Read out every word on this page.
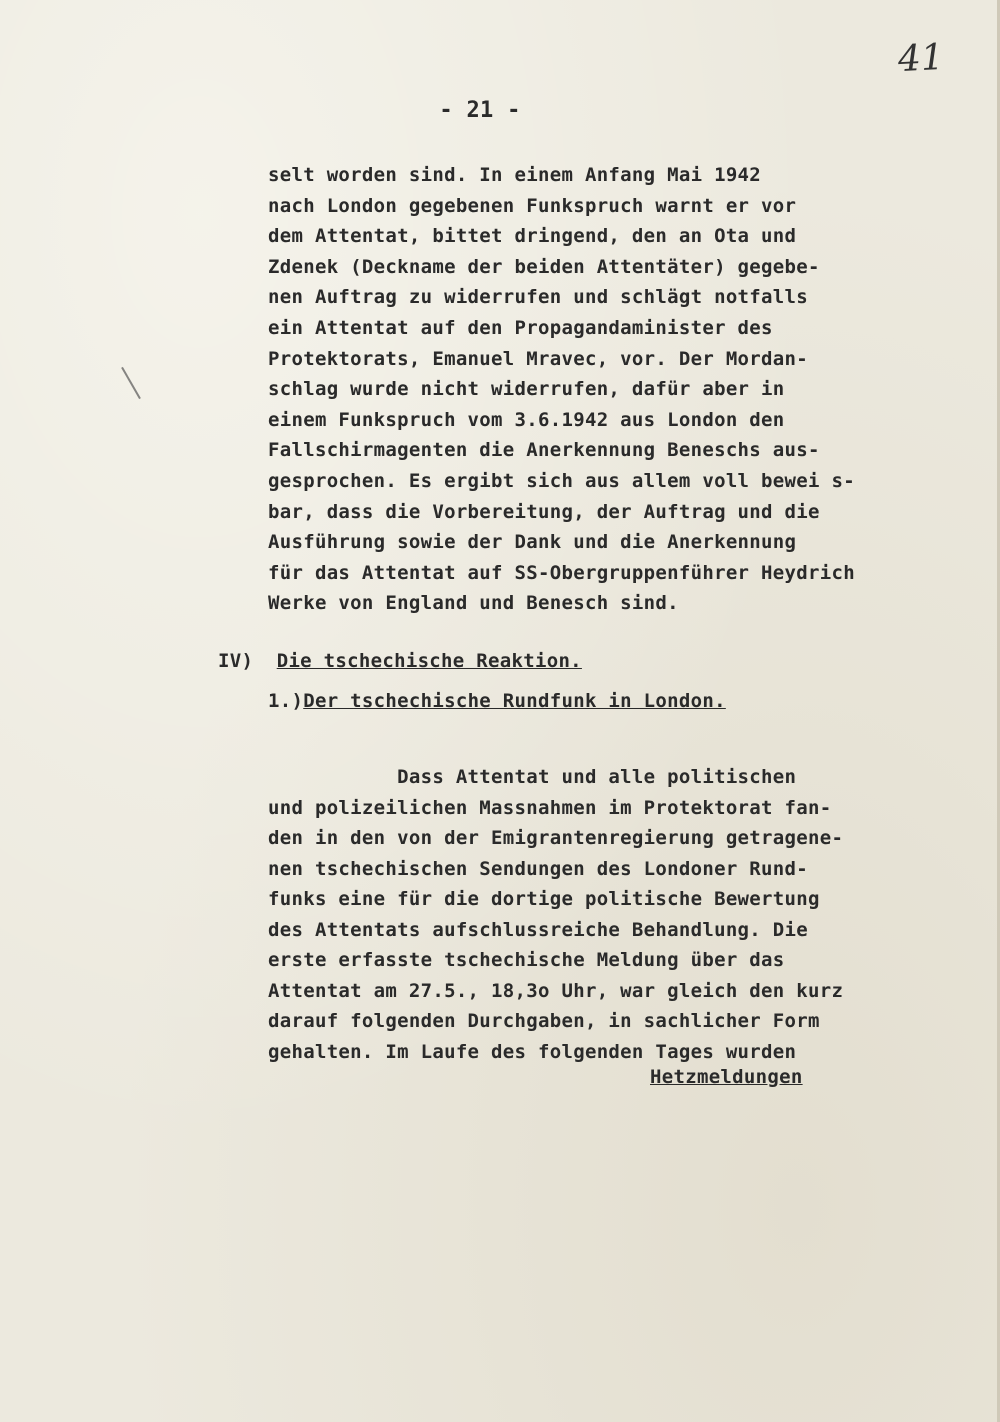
41
- 21 -
selt worden sind. In einem Anfang Mai 1942
nach London gegebenen Funkspruch warnt er vor
dem Attentat, bittet dringend, den an Ota und
Zdenek (Deckname der beiden Attentäter) gegebe-
nen Auftrag zu widerrufen und schlägt notfalls
ein Attentat auf den Propagandaminister des
Protektorats, Emanuel Mravec, vor. Der Mordan-
schlag wurde nicht widerrufen, dafür aber in
einem Funkspruch vom 3.6.1942 aus London den
Fallschirmagenten die Anerkennung Beneschs aus-
gesprochen. Es ergibt sich aus allem voll bewei s-
bar, dass die Vorbereitung, der Auftrag und die
Ausführung sowie der Dank und die Anerkennung
für das Attentat auf SS-Obergruppenführer Heydrich
Werke von England und Benesch sind.
IV) Die tschechische Reaktion.
1.)Der tschechische Rundfunk in London.
Dass Attentat und alle politischen
und polizeilichen Massnahmen im Protektorat fan-
den in den von der Emigrantenregierung getragene-
nen tschechischen Sendungen des Londoner Rund-
funks eine für die dortige politische Bewertung
des Attentats aufschlussreiche Behandlung. Die
erste erfasste tschechische Meldung über das
Attentat am 27.5., 18,3o Uhr, war gleich den kurz
darauf folgenden Durchgaben, in sachlicher Form
gehalten. Im Laufe des folgenden Tages wurden
Hetzmeldungen
